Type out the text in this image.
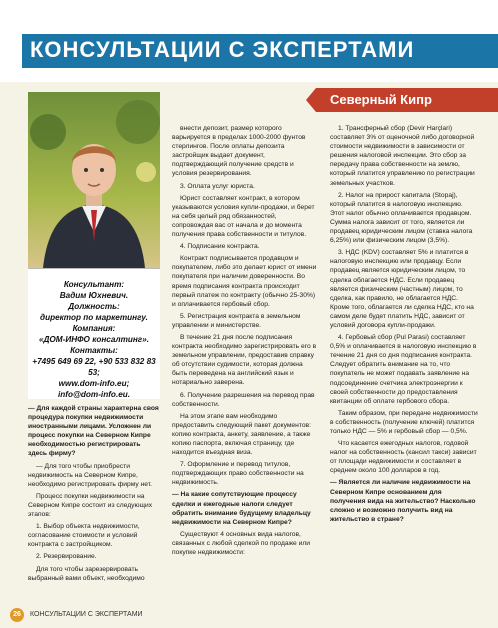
КОНСУЛЬТАЦИИ С ЭКСПЕРТАМИ

Консультант:

Вадим Юхневич.

Должность:

директор по маркетингу.

Компания:

«ДОМ-ИНФО консалтинг».

Контакты:

+7495 649 69 22, +90 533 832 83 53;

www.dom-info.eu;

info@dom-info.eu.

Северный Кипр

— Для каждой страны характерна своя процедура покупки недвижимости иностранными лицами. Усложнен ли процесс покупки на Северном Кипре необходимостью регистрировать здесь фирму?

— Для того чтобы приобрести недвижимость на Северном Кипре, необходимо регистрировать фирму нет.

Процесс покупки недвижимости на Северном Кипре состоит из следующих этапов:

1. Выбор объекта недвижимости, согласование стоимости и условий контракта с застройщиком.

2. Резервирование.

Для того чтобы зарезервировать выбранный вами объект, необходимо

внести депозит, размер которого варьируется в пределах 1000-2000 фунтов стерлингов. После оплаты депозита застройщик выдает документ, подтверждающий получение средств и условия резервирования.

3. Оплата услуг юриста.

Юрист составляет контракт, в котором указываются условия купли-продажи, и берет на себя целый ряд обязанностей, сопровождая вас от начала и до момента получения права собственности и титулов.

4. Подписание контракта.

Контракт подписывается продавцом и покупателем, либо это делает юрист от имени покупателя при наличии доверенности. Во время подписания контракта происходит первый платеж по контракту (обычно 25-30%) и оплачивается гербовый сбор.

5. Регистрация контракта в земельном управлении и министерстве.

В течение 21 дня после подписания контракта необходимо зарегистрировать его в земельном управлении, предоставив справку об отсутствии судимости, которая должна быть переведена на английский язык и нотариально заверена.

6. Получение разрешения на перевод прав собственности.

На этом этапе вам необходимо предоставить следующий пакет документов: копию контракта, анкету, заявление, а также копию паспорта, включая страницу, где находится въездная виза.

7. Оформление и перевод титулов, подтверждающих право собственности на недвижимость.

— На какие сопутствующие процессу сделки и ежегодные налоги следует обратить внимание будущему владельцу недвижимости на Северном Кипре?

Существуют 4 основных вида налогов, связанных с любой сделкой по продаже или покупке недвижимости:

1. Трансферный сбор (Devir Harçlari) составляет 3% от оценочной либо договорной стоимости недвижимости в зависимости от решения налоговой инспекции. Это сбор за передачу права собственности на землю, который платится управлению по регистрации земельных участков.

2. Налог на прирост капитала (Stopaj), который платится в налоговую инспекцию. Этот налог обычно оплачивается продавцом. Сумма налога зависит от того, является ли продавец юридическим лицом (ставка налога 6,25%) или физическим лицом (3,5%).

3. НДС (KDV) составляет 5% и платится в налоговую инспекцию или продавцу. Если продавец является юридическим лицом, то сделка облагается НДС. Если продавец является физическим (частным) лицом, то сделка, как правило, не облагается НДС. Кроме того, облагается ли сделка НДС, кто на самом деле будет платить НДС, зависит от условий договора купли-продажи.

4. Гербовый сбор (Pul Parasi) составляет 0,5% и оплачивается в налоговую инспекцию в течение 21 дня со дня подписания контракта. Следует обратить внимание на то, что покупатель не может подавать заявление на подсоединение счетчика электроэнергии к своей собственности до предоставления квитанции об оплате гербового сбора.

Таким образом, при передаче недвижимости в собственность (получение ключей) платится только НДС — 5% и гербовый сбор — 0,5%.

Что касается ежегодных налогов, годовой налог на собственность (кансил такси) зависит от площади недвижимости и составляет в среднем около 100 долларов в год.

— Является ли наличие недвижимости на Северном Кипре основанием для получения вида на жительство? Насколько сложно и возможно получить вид на жительство в стране?

26 КОНСУЛЬТАЦИИ С ЭКСПЕРТАМИ
